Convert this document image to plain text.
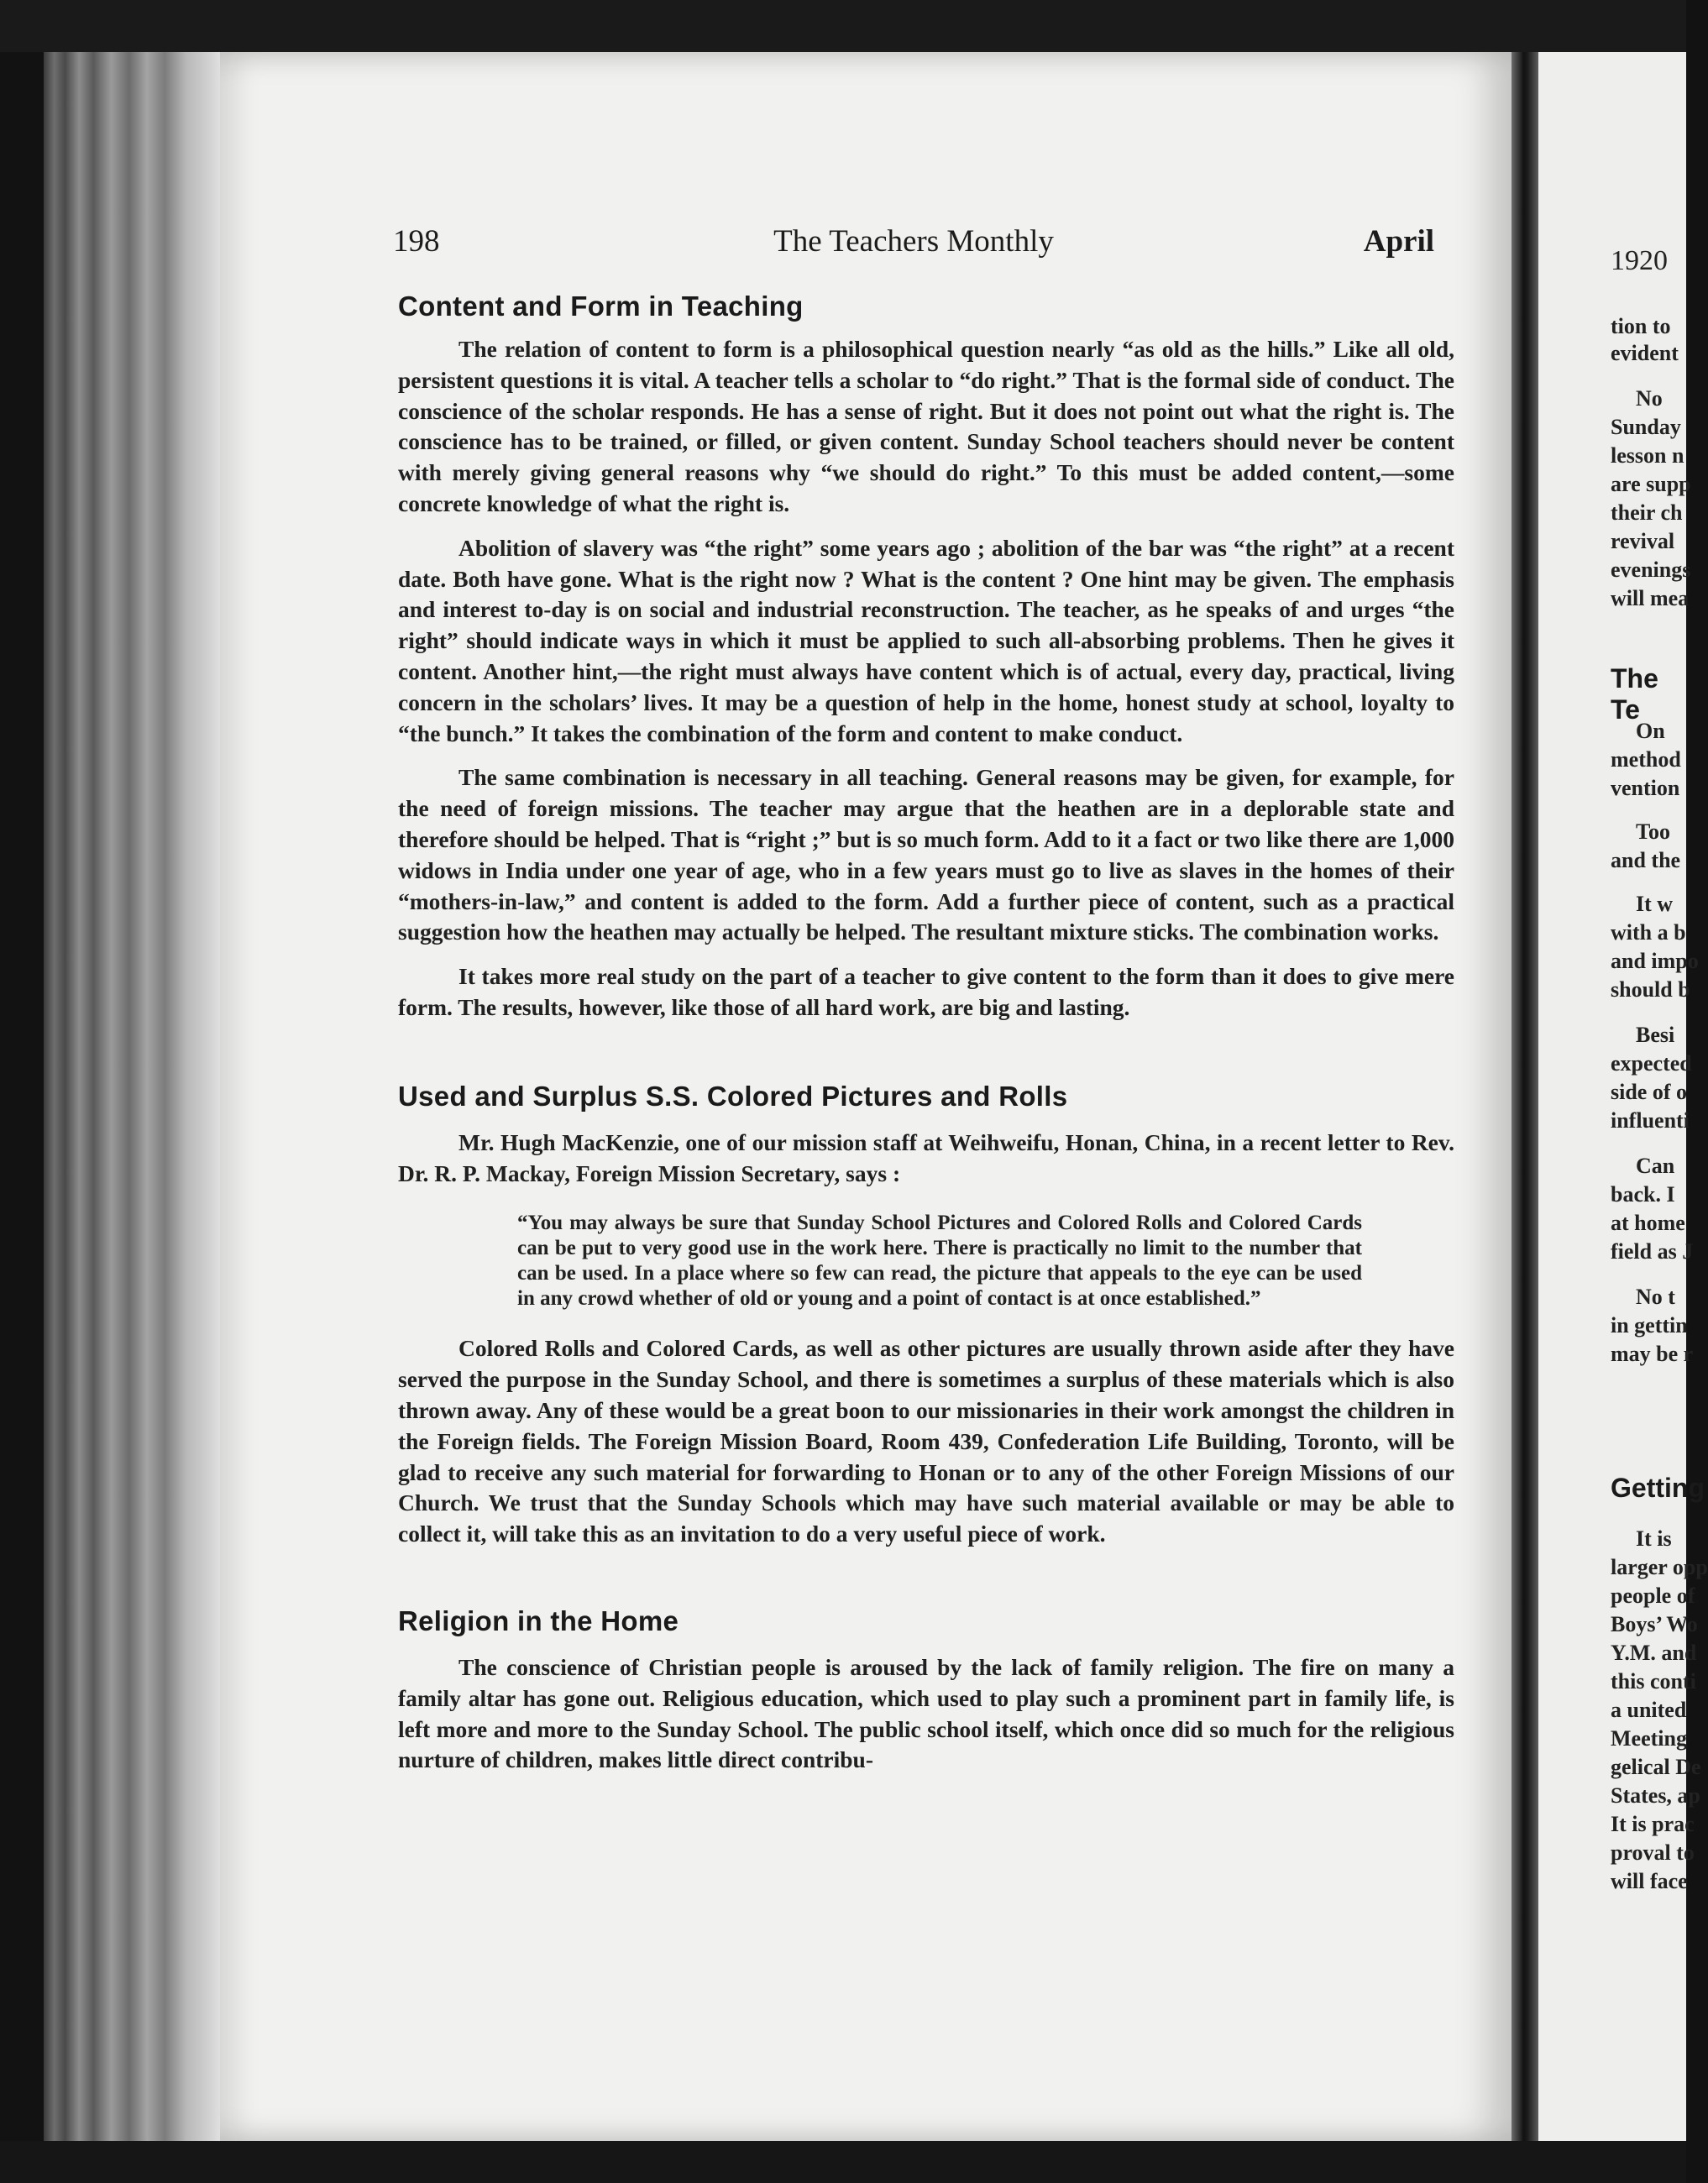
198	The Teachers Monthly	April
Content and Form in Teaching

The relation of content to form is a philosophical question nearly “as old as the hills.” Like all old, persistent questions it is vital. A teacher tells a scholar to “do right.” That is the formal side of conduct. The conscience of the scholar responds. He has a sense of right. But it does not point out what the right is. The conscience has to be trained, or filled, or given content. Sunday School teachers should never be content with merely giving general reasons why “we should do right.” To this must be added content,—some concrete knowledge of what the right is.

Abolition of slavery was “the right” some years ago ; abolition of the bar was “the right” at a recent date. Both have gone. What is the right now ? What is the content ? One hint may be given. The emphasis and interest to-day is on social and industrial reconstruction. The teacher, as he speaks of and urges “the right” should indicate ways in which it must be applied to such all-absorbing problems. Then he gives it content. Another hint,—the right must always have content which is of actual, every day, practical, living concern in the scholars’ lives. It may be a question of help in the home, honest study at school, loyalty to “the bunch.” It takes the combination of the form and content to make conduct.

The same combination is necessary in all teaching. General reasons may be given, for example, for the need of foreign missions. The teacher may argue that the heathen are in a deplorable state and therefore should be helped. That is “right ;” but is so much form. Add to it a fact or two like there are 1,000 widows in India under one year of age, who in a few years must go to live as slaves in the homes of their “mothers-in-law,” and content is added to the form. Add a further piece of content, such as a practical suggestion how the heathen may actually be helped. The resultant mixture sticks. The combination works.

It takes more real study on the part of a teacher to give content to the form than it does to give mere form. The results, however, like those of all hard work, are big and lasting.

Used and Surplus S.S. Colored Pictures and Rolls

Mr. Hugh MacKenzie, one of our mission staff at Weihweifu, Honan, China, in a recent letter to Rev. Dr. R. P. Mackay, Foreign Mission Secretary, says :

“You may always be sure that Sunday School Pictures and Colored Rolls and Colored Cards can be put to very good use in the work here. There is practically no limit to the number that can be used. In a place where so few can read, the picture that appeals to the eye can be used in any crowd whether of old or young and a point of contact is at once established.”

Colored Rolls and Colored Cards, as well as other pictures are usually thrown aside after they have served the purpose in the Sunday School, and there is sometimes a surplus of these materials which is also thrown away. Any of these would be a great boon to our missionaries in their work amongst the children in the Foreign fields. The Foreign Mission Board, Room 439, Confederation Life Building, Toronto, will be glad to receive any such material for forwarding to Honan or to any of the other Foreign Missions of our Church. We trust that the Sunday Schools which may have such material available or may be able to collect it, will take this as an invitation to do a very useful piece of work.

Religion in the Home

The conscience of Christian people is aroused by the lack of family religion. The fire on many a family altar has gone out. Religious education, which used to play such a prominent part in family life, is left more and more to the Sunday School. The public school itself, which once did so much for the religious nurture of children, makes little direct contribu-

1920
tion to
evident
No
Sunday
lesson n
are supp
their ch
revival
evenings
will mea
The Te
On
method
vention
Too
and the
It w
with a b
and impo
should b
Besi
expected
side of o
influenti
Can
back. I
at home
field as J
No t
in gettin
may be r
Getting
It is
larger opp
people of
Boys’ Wo
Y.M. and
this conti
a united
Meeting
gelical De
States, ap
It is prac
proval to
will face
